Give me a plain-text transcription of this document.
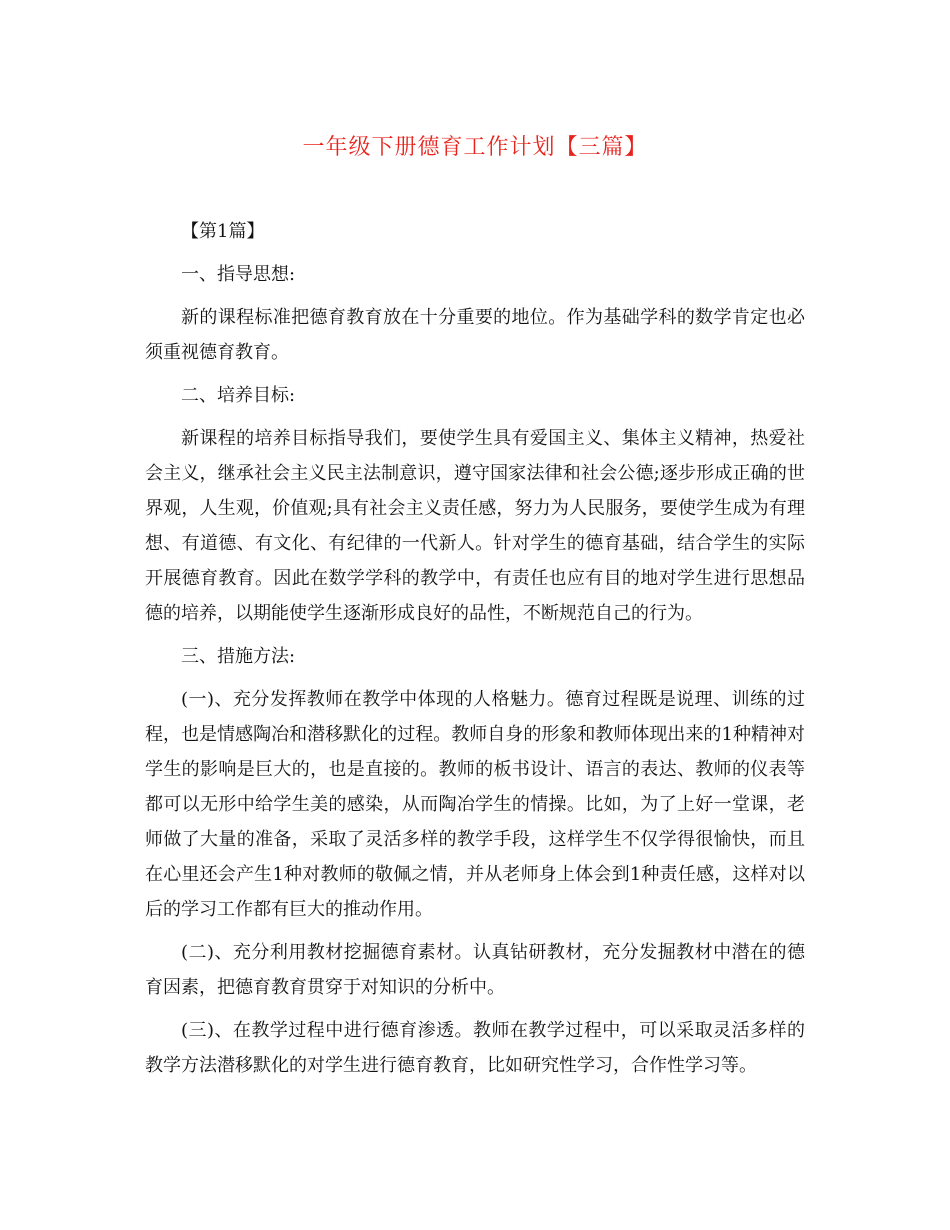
一年级下册德育工作计划【三篇】

【第1篇】

一、指导思想:

新的课程标准把德育教育放在十分重要的地位。作为基础学科的数学肯定也必须重视德育教育。

二、培养目标:

新课程的培养目标指导我们，要使学生具有爱国主义、集体主义精神，热爱社会主义，继承社会主义民主法制意识，遵守国家法律和社会公德;逐步形成正确的世界观，人生观，价值观;具有社会主义责任感，努力为人民服务，要使学生成为有理想、有道德、有文化、有纪律的一代新人。针对学生的德育基础，结合学生的实际开展德育教育。因此在数学学科的教学中，有责任也应有目的地对学生进行思想品德的培养，以期能使学生逐渐形成良好的品性，不断规范自己的行为。

三、措施方法:

(一)、充分发挥教师在教学中体现的人格魅力。德育过程既是说理、训练的过程，也是情感陶冶和潜移默化的过程。教师自身的形象和教师体现出来的1种精神对学生的影响是巨大的，也是直接的。教师的板书设计、语言的表达、教师的仪表等都可以无形中给学生美的感染，从而陶冶学生的情操。比如，为了上好一堂课，老师做了大量的准备，采取了灵活多样的教学手段，这样学生不仅学得很愉快，而且在心里还会产生1种对教师的敬佩之情，并从老师身上体会到1种责任感，这样对以后的学习工作都有巨大的推动作用。

(二)、充分利用教材挖掘德育素材。认真钻研教材，充分发掘教材中潜在的德育因素，把德育教育贯穿于对知识的分析中。

(三)、在教学过程中进行德育渗透。教师在教学过程中，可以采取灵活多样的教学方法潜移默化的对学生进行德育教育，比如研究性学习，合作性学习等。
